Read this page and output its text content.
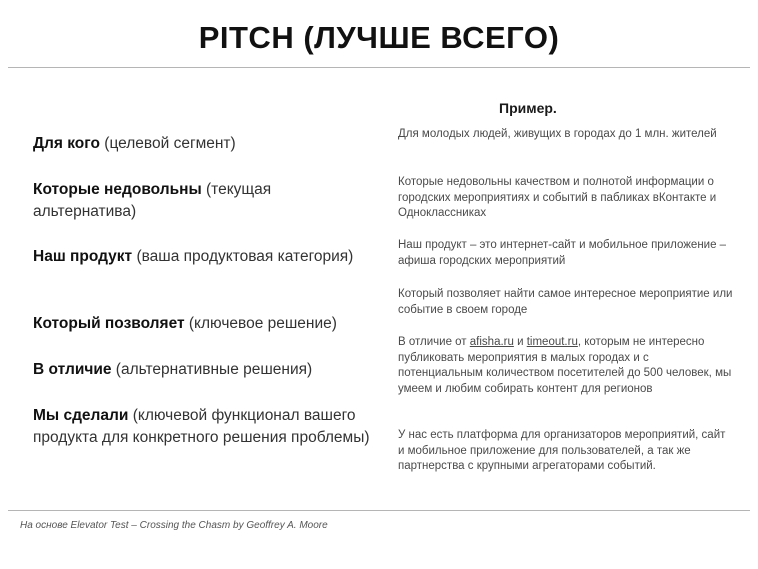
PITCH (ЛУЧШЕ ВСЕГО)
Пример.
Для кого (целевой сегмент)
Которые недовольны (текущая альтернатива)
Наш продукт (ваша продуктовая категория)
Который позволяет (ключевое решение)
В отличие (альтернативные решения)
Мы сделали (ключевой функционал вашего продукта для конкретного решения проблемы)
Для молодых людей, живущих в городах до 1 млн. жителей
Которые недовольны качеством и полнотой информации о городских мероприятиях и событий в пабликах вКонтакте и Одноклассниках
Наш продукт – это интернет-сайт и мобильное приложение – афиша городских мероприятий
Который позволяет найти самое интересное мероприятие или событие в своем городе
В отличие от afisha.ru и timeout.ru, которым не интересно публиковать мероприятия в малых городах и с потенциальным количеством посетителей до 500 человек, мы умеем и любим собирать контент для регионов
У нас есть платформа для организаторов мероприятий, сайт и мобильное приложение для пользователей, а так же партнерства с крупными агрегаторами событий.
На основе Elevator Test – Crossing the Chasm by Geoffrey A. Moore
